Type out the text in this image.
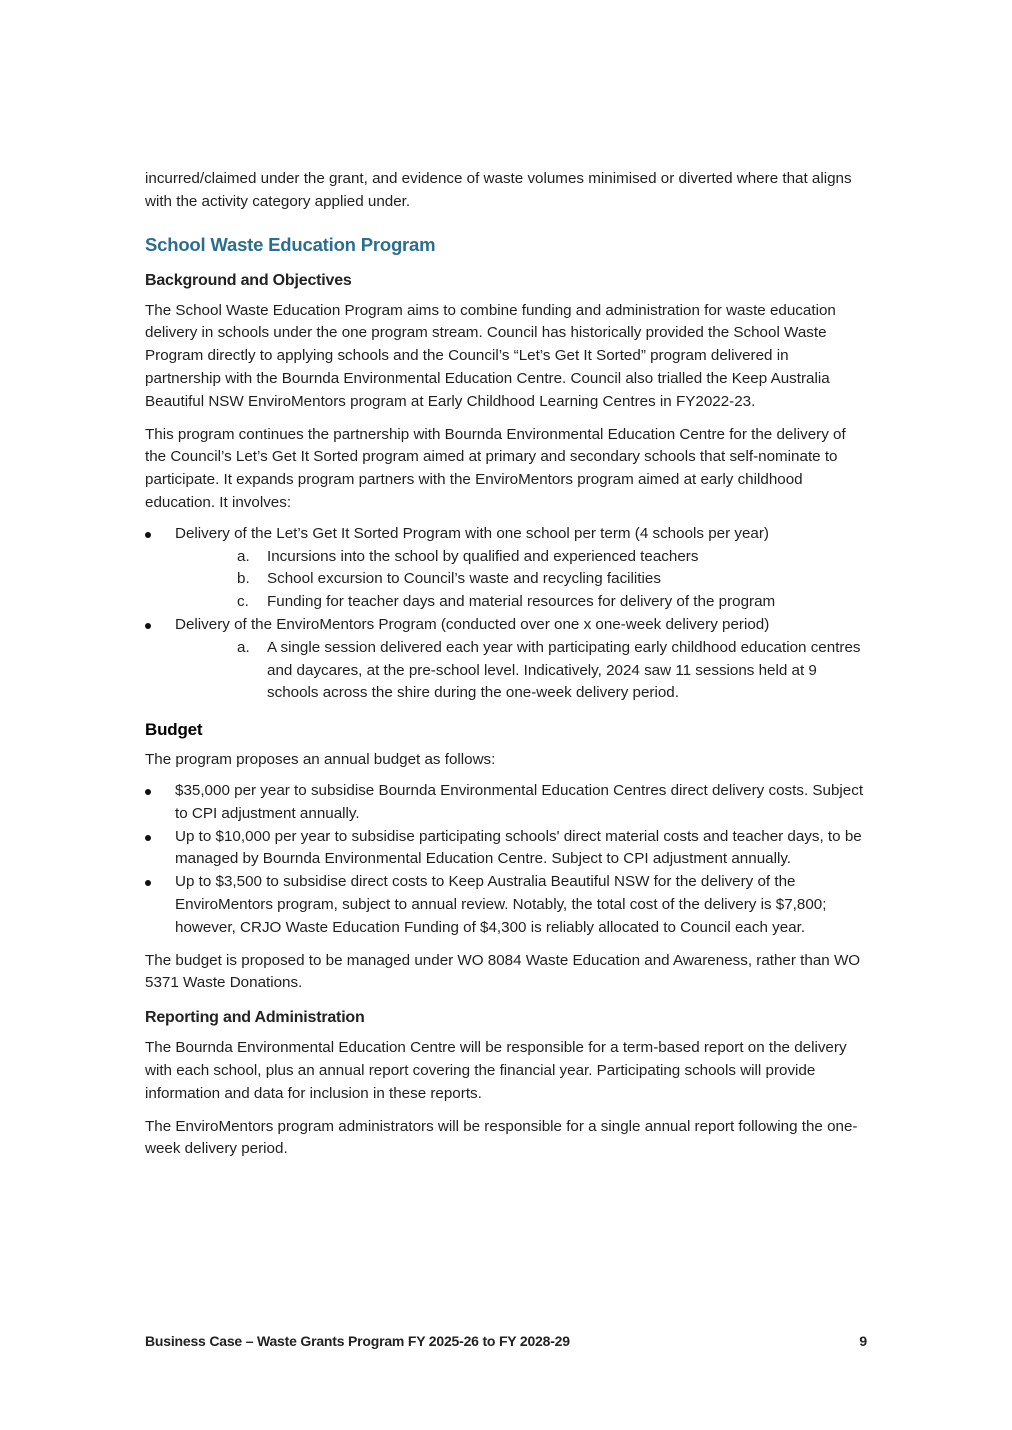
incurred/claimed under the grant, and evidence of waste volumes minimised or diverted where that aligns with the activity category applied under.

School Waste Education Program
Background and Objectives

The School Waste Education Program aims to combine funding and administration for waste education delivery in schools under the one program stream. Council has historically provided the School Waste Program directly to applying schools and the Council’s “Let’s Get It Sorted” program delivered in partnership with the Bournda Environmental Education Centre. Council also trialled the Keep Australia Beautiful NSW EnviroMentors program at Early Childhood Learning Centres in FY2022-23.

This program continues the partnership with Bournda Environmental Education Centre for the delivery of the Council’s Let’s Get It Sorted program aimed at primary and secondary schools that self-nominate to participate. It expands program partners with the EnviroMentors program aimed at early childhood education. It involves:

Delivery of the Let’s Get It Sorted Program with one school per term (4 schools per year)
a. Incursions into the school by qualified and experienced teachers
b. School excursion to Council’s waste and recycling facilities
c. Funding for teacher days and material resources for delivery of the program
Delivery of the EnviroMentors Program (conducted over one x one-week delivery period)
a. A single session delivered each year with participating early childhood education centres and daycares, at the pre-school level. Indicatively, 2024 saw 11 sessions held at 9 schools across the shire during the one-week delivery period.
Budget

The program proposes an annual budget as follows:

$35,000 per year to subsidise Bournda Environmental Education Centres direct delivery costs. Subject to CPI adjustment annually.
Up to $10,000 per year to subsidise participating schools' direct material costs and teacher days, to be managed by Bournda Environmental Education Centre. Subject to CPI adjustment annually.
Up to $3,500 to subsidise direct costs to Keep Australia Beautiful NSW for the delivery of the EnviroMentors program, subject to annual review. Notably, the total cost of the delivery is $7,800; however, CRJO Waste Education Funding of $4,300 is reliably allocated to Council each year.

The budget is proposed to be managed under WO 8084 Waste Education and Awareness, rather than WO 5371 Waste Donations.

Reporting and Administration

The Bournda Environmental Education Centre will be responsible for a term-based report on the delivery with each school, plus an annual report covering the financial year. Participating schools will provide information and data for inclusion in these reports.

The EnviroMentors program administrators will be responsible for a single annual report following the one-week delivery period.

Business Case – Waste Grants Program FY 2025-26 to FY 2028-29	9
